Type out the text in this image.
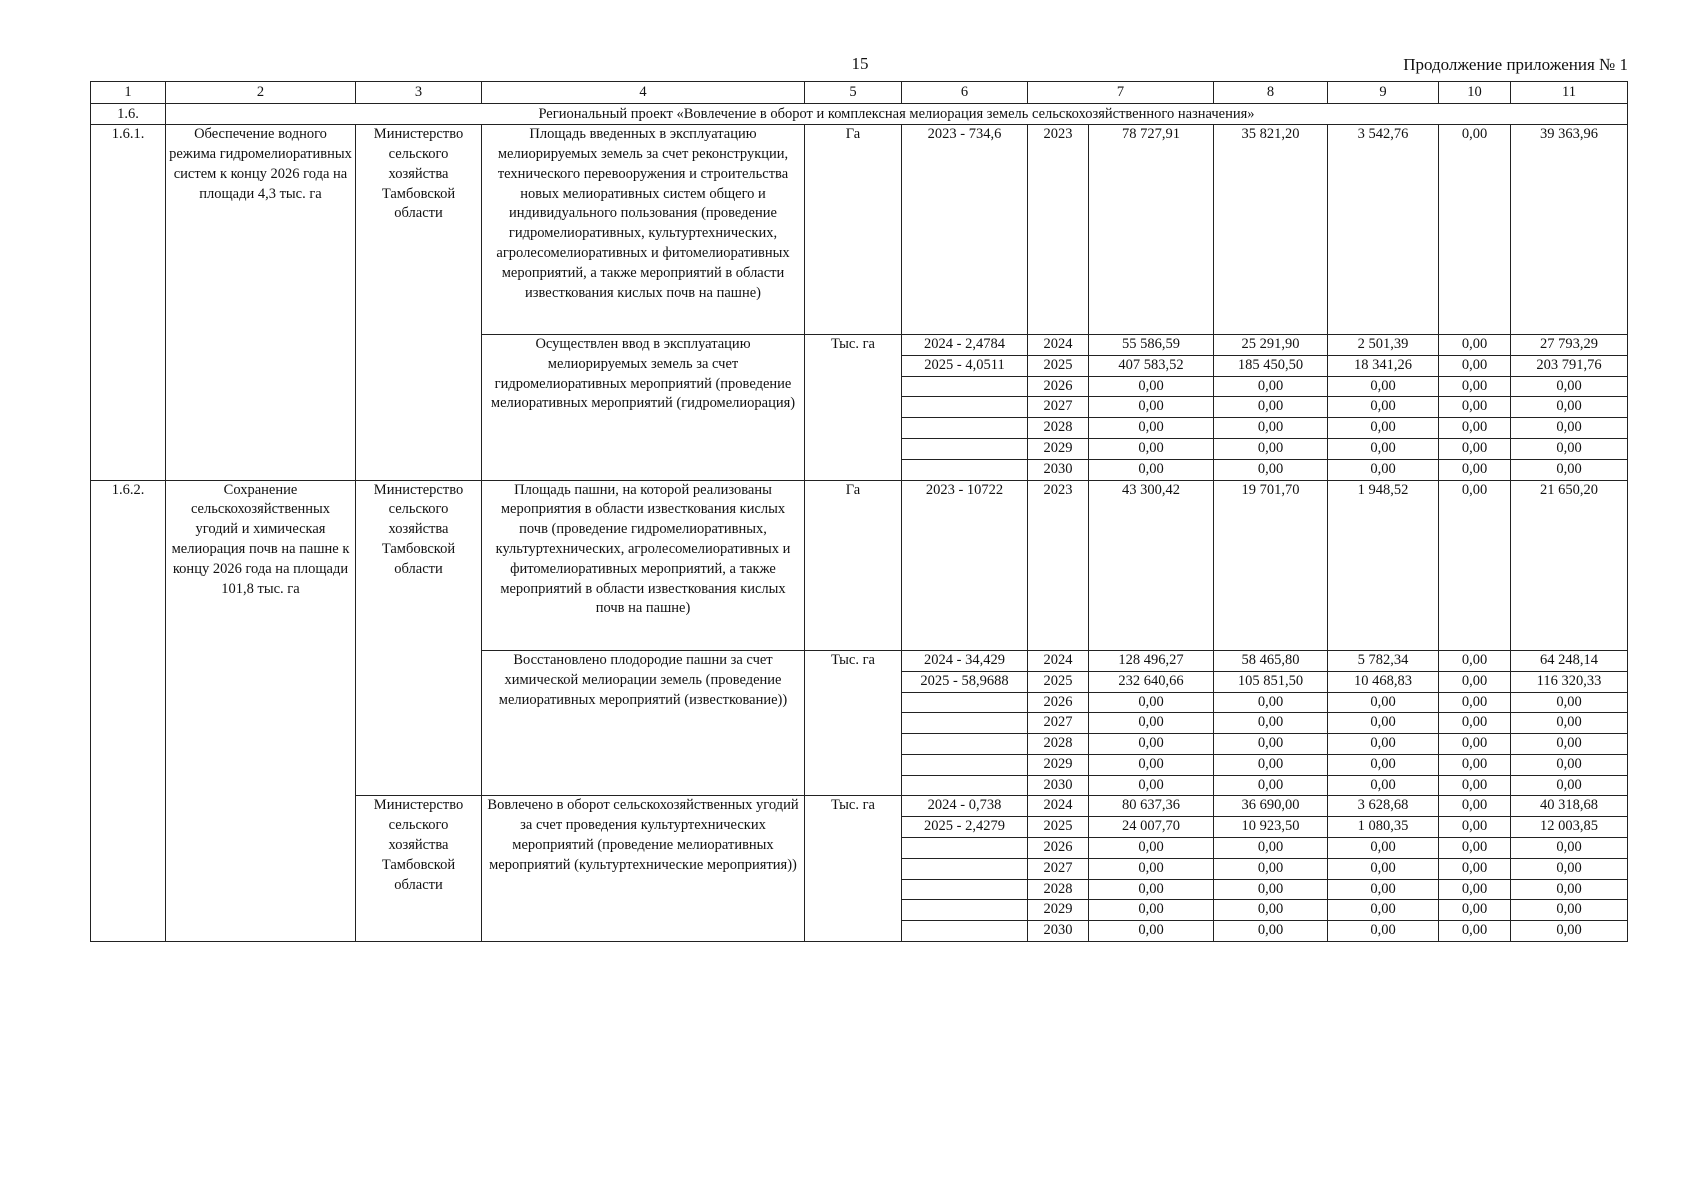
15	Продолжение приложения № 1
1	2	3	4	5	6	7		8	9	10	11
1.6.	Региональный проект «Вовлечение в оборот и комплексная мелиорация земель сельскохозяйственного назначения»										
1.6.1.	Обеспечение водного режима гидромелиоративных систем к концу 2026 года на площади 4,3 тыс. га	Министерство сельского хозяйства Тамбовской области	Площадь введенных в эксплуатацию мелиорируемых земель за счет реконструкции, технического перевооружения и строительства новых мелиоративных систем общего и индивидуального пользования (проведение гидромелиоративных, культуртехнических, агролесомелиоративных и фитомелиоративных мероприятий, а также мероприятий в области известкования кислых почв на пашне)	Га	2023 - 734,6	2023	78 727,91	35 821,20	3 542,76	0,00	39 363,96
			Осуществлен ввод в эксплуатацию мелиорируемых земель за счет гидромелиоративных мероприятий (проведение мелиоративных мероприятий (гидромелиорация)	Тыс. га	2024 - 2,4784	2024	55 586,59	25 291,90	2 501,39	0,00	27 793,29
					2025 - 4,0511	2025	407 583,52	185 450,50	18 341,26	0,00	203 791,76
						2026	0,00	0,00	0,00	0,00	0,00
						2027	0,00	0,00	0,00	0,00	0,00
						2028	0,00	0,00	0,00	0,00	0,00
						2029	0,00	0,00	0,00	0,00	0,00
						2030	0,00	0,00	0,00	0,00	0,00
1.6.2.	Сохранение сельскохозяйственных угодий и химическая мелиорация почв на пашне к концу 2026 года на площади 101,8 тыс. га	Министерство сельского хозяйства Тамбовской области	Площадь пашни, на которой реализованы мероприятия в области известкования кислых почв (проведение гидромелиоративных, культуртехнических, агролесомелиоративных и фитомелиоративных мероприятий, а также мероприятий в области известкования кислых почв на пашне)	Га	2023 - 10722	2023	43 300,42	19 701,70	1 948,52	0,00	21 650,20
			Восстановлено плодородие пашни за счет химической мелиорации земель (проведение мелиоративных мероприятий (известкование))	Тыс. га	2024 - 34,429	2024	128 496,27	58 465,80	5 782,34	0,00	64 248,14
					2025 - 58,9688	2025	232 640,66	105 851,50	10 468,83	0,00	116 320,33
						2026	0,00	0,00	0,00	0,00	0,00
						2027	0,00	0,00	0,00	0,00	0,00
						2028	0,00	0,00	0,00	0,00	0,00
						2029	0,00	0,00	0,00	0,00	0,00
						2030	0,00	0,00	0,00	0,00	0,00
		Министерство сельского хозяйства Тамбовской области	Вовлечено в оборот сельскохозяйственных угодий за счет проведения культуртехнических мероприятий (проведение мелиоративных мероприятий (культуртехнические мероприятия))	Тыс. га	2024 - 0,738	2024	80 637,36	36 690,00	3 628,68	0,00	40 318,68
					2025 - 2,4279	2025	24 007,70	10 923,50	1 080,35	0,00	12 003,85
						2026	0,00	0,00	0,00	0,00	0,00
						2027	0,00	0,00	0,00	0,00	0,00
						2028	0,00	0,00	0,00	0,00	0,00
						2029	0,00	0,00	0,00	0,00	0,00
						2030	0,00	0,00	0,00	0,00	0,00
